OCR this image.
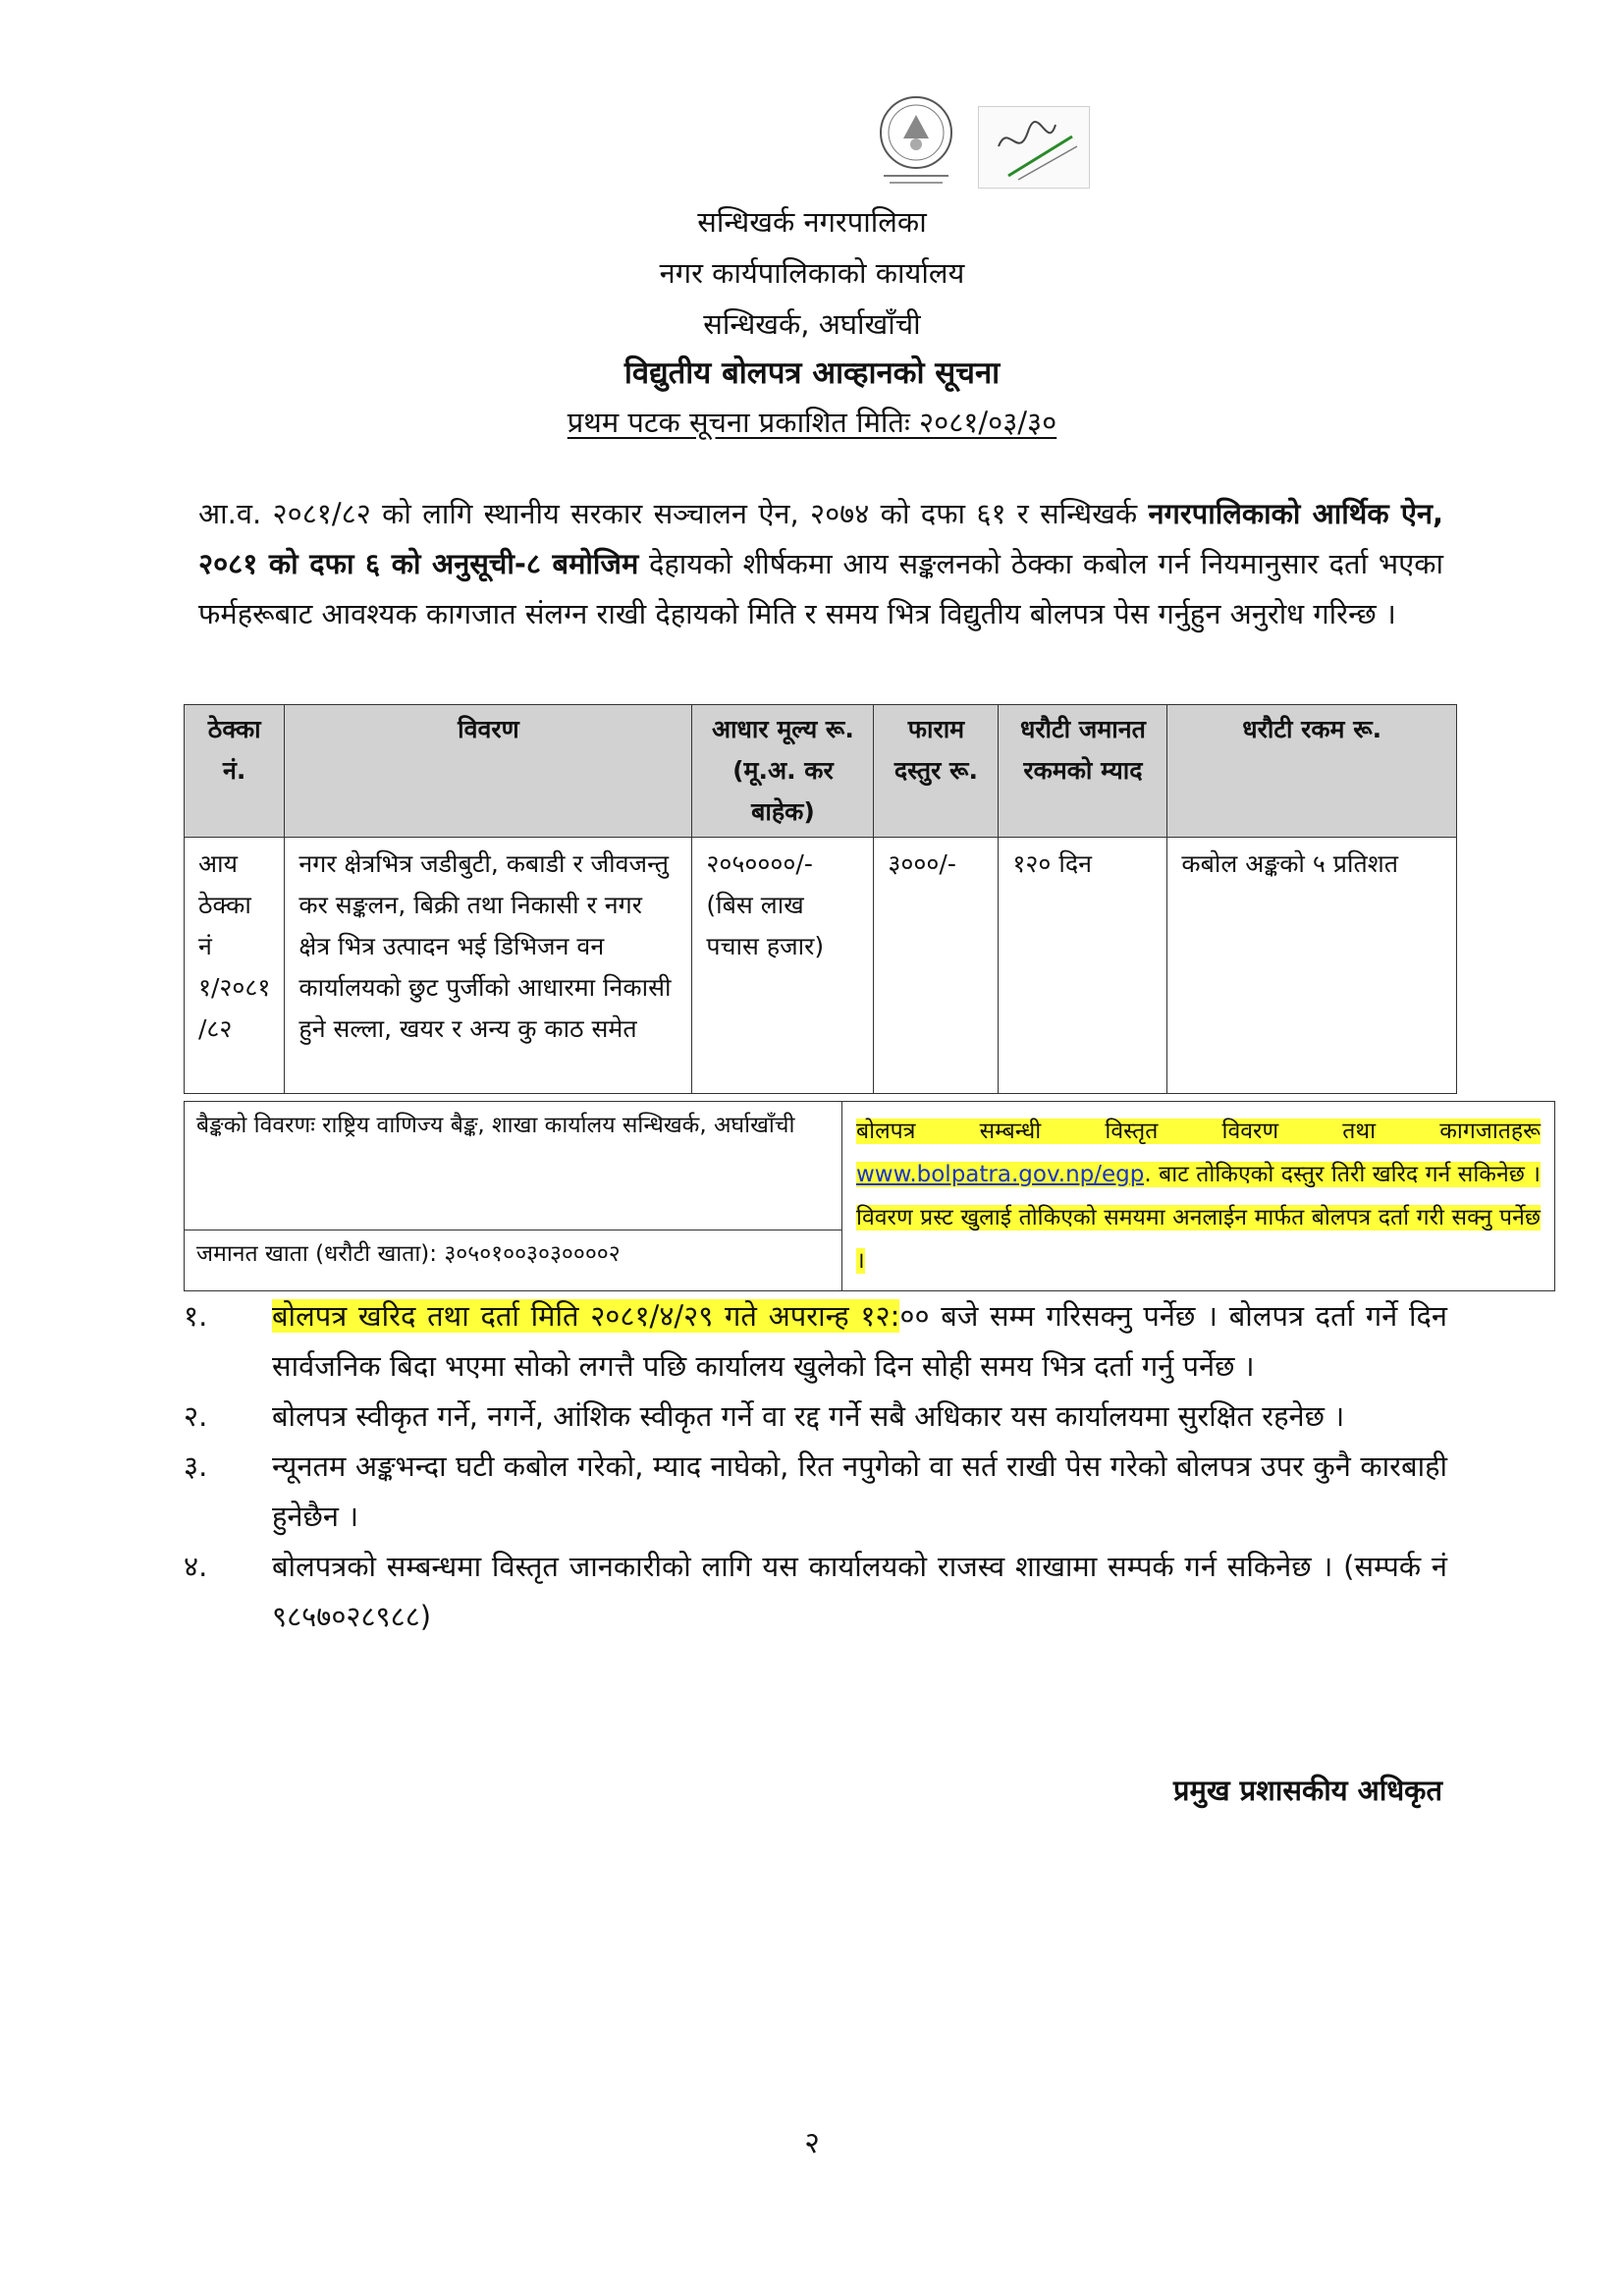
सन्धिखर्क नगरपालिका
नगर कार्यपालिकाको कार्यालय
सन्धिखर्क, अर्घाखाँची
विद्युतीय बोलपत्र आव्हानको सूचना
प्रथम पटक सूचना प्रकाशित मितिः २०८१/०३/३०
आ.व. २०८१/८२ को लागि स्थानीय सरकार सञ्चालन ऐन, २०७४ को दफा ६१ र सन्धिखर्क नगरपालिकाको आर्थिक ऐन, २०८१ को दफा ६ को अनुसूची-८ बमोजिम देहायको शीर्षकमा आय सङ्कलनको ठेक्का कबोल गर्न नियमानुसार दर्ता भएका फर्महरूबाट आवश्यक कागजात संलग्न राखी देहायको मिति र समय भित्र विद्युतीय बोलपत्र पेस गर्नुहुन अनुरोध गरिन्छ ।
ठेक्का नं.	विवरण	आधार मूल्य रू. (मू.अ. कर बाहेक)	फाराम दस्तुर रू.	धरौटी जमानत रकमको म्याद	धरौटी रकम रू.
आय ठेक्का नं १/२०८१ /८२	नगर क्षेत्रभित्र जडीबुटी, कबाडी र जीवजन्तु कर सङ्कलन, बिक्री तथा निकासी र नगर क्षेत्र भित्र उत्पादन भई डिभिजन वन कार्यालयको छुट पुर्जीको आधारमा निकासी हुने सल्ला, खयर र अन्य कु काठ समेत	२०५००००/- (बिस लाख पचास हजार)	३०००/-	१२० दिन	कबोल अङ्कको ५ प्रतिशत
बैङ्कको विवरणः राष्ट्रिय वाणिज्य बैङ्क, शाखा कार्यालय सन्धिखर्क, अर्घाखाँची	बोलपत्र सम्बन्धी विस्तृत विवरण तथा कागजातहरू www.bolpatra.gov.np/egp. बाट तोकिएको दस्तुर तिरी खरिद गर्न सकिनेछ । विवरण प्रस्ट खुलाई तोकिएको समयमा अनलाईन मार्फत बोलपत्र दर्ता गरी सक्नु पर्नेछ ।
जमानत खाता (धरौटी खाता): ३०५०१००३०३००००२
१.	बोलपत्र खरिद तथा दर्ता मिति २०८१/४/२९ गते अपरान्ह १२:०० बजे सम्म गरिसक्नु पर्नेछ । बोलपत्र दर्ता गर्ने दिन सार्वजनिक बिदा भएमा सोको लगत्तै पछि कार्यालय खुलेको दिन सोही समय भित्र दर्ता गर्नु पर्नेछ ।
२.	बोलपत्र स्वीकृत गर्ने, नगर्ने, आंशिक स्वीकृत गर्ने वा रद्द गर्ने सबै अधिकार यस कार्यालयमा सुरक्षित रहनेछ ।
३.	न्यूनतम अङ्कभन्दा घटी कबोल गरेको, म्याद नाघेको, रित नपुगेको वा सर्त राखी पेस गरेको बोलपत्र उपर कुनै कारबाही हुनेछैन ।
४.	बोलपत्रको सम्बन्धमा विस्तृत जानकारीको लागि यस कार्यालयको राजस्व शाखामा सम्पर्क गर्न सकिनेछ । (सम्पर्क नं ९८५७०२८९८८)
प्रमुख प्रशासकीय अधिकृत
२
